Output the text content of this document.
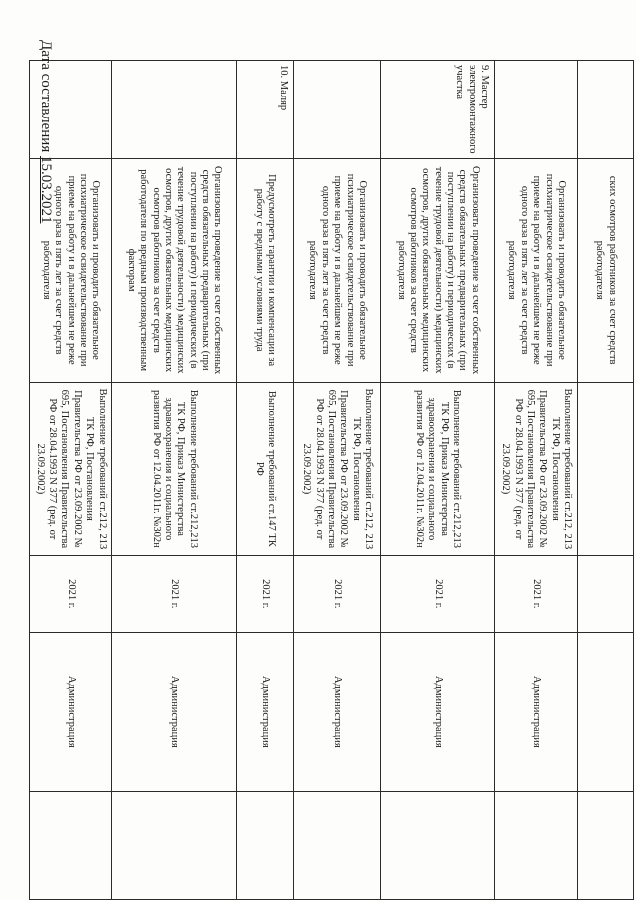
	ских осмотров работников за счет средств работодателя				
	Организовать и проводить обязательное психиатрическое освидетельствование при приеме на работу и в дальнейшем не реже одного раза в пять лет за счет средств работодателя	Выполнение требований ст.212, 213 ТК РФ, Постановления Правительства РФ от 23.09.2002 № 695, Постановления Правительства РФ от 28.04.1993 N 377 (ред. от 23.09.2002)	2021 г.	Администрация	
9. Мастер электромонтажного участка	Организовать проведение за счет собственных средств обязательных предварительных (при поступлении на работу) и периодических (в течение трудовой деятельности) медицинских осмотров, других обязательных медицинских осмотров работников за счет средств работодателя	Выполнение требований ст.212,213 ТК РФ, Приказ Министерства здравоохранения и социального развития РФ от 12.04.2011г. №302н	2021 г.	Администрация	
	Организовать и проводить обязательное психиатрическое освидетельствование при приеме на работу и в дальнейшем не реже одного раза в пять лет за счет средств работодателя	Выполнение требований ст.212, 213 ТК РФ, Постановления Правительства РФ от 23.09.2002 № 695, Постановления Правительства РФ от 28.04.1993 N 377 (ред. от 23.09.2002)	2021 г.	Администрация	
10. Маляр	Предусмотреть гарантии и компенсации за работу с вредными условиями труда	Выполнение требований ст.147 ТК РФ	2021 г.	Администрация	
	Организовать проведение за счет собственных средств обязательных предварительных (при поступлении на работу) и периодических (в течение трудовой деятельности) медицинских осмотров, других обязательных медицинских осмотров работников за счет средств работодателя по вредным производственным факторам	Выполнение требований ст.212,213 ТК РФ, Приказ Министерства здравоохранения и социального развития РФ от 12.04.2011г. №302н	2021 г.	Администрация	
	Организовать и проводить обязательное психиатрическое освидетельствование при приеме на работу и в дальнейшем не реже одного раза в пять лет за счет средств работодателя	Выполнение требований ст.212, 213 ТК РФ, Постановления Правительства РФ от 23.09.2002 № 695, Постановления Правительства РФ от 28.04.1993 N 377 (ред. от 23.09.2002)	2021 г.	Администрация	
Дата составления 15.03.2021
